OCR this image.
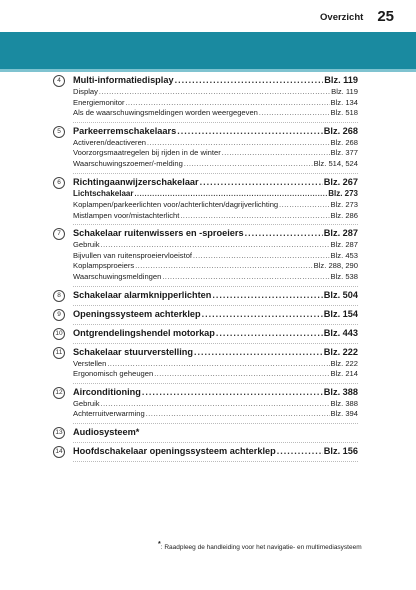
Overzicht 25
4	Multi-informatiedisplay .....	Blz. 119
Display .....	Blz. 119
Energiemonitor .....	Blz. 134
Als de waarschuwingsmeldingen worden weergegeven .....	Blz. 518
5	Parkeerremschakelaars .....	Blz. 268
Activeren/deactiveren .....	Blz. 268
Voorzorgsmaatregelen bij rijden in de winter .....	Blz. 377
Waarschuwingszoemer/-melding .....	Blz. 514, 524
6	Richtingaanwijzerschakelaar .....	Blz. 267
Lichtschakelaar .....	Blz. 273
Koplampen/parkeerlichten voor/achterlichten/dagrijverlichting .....	Blz. 273
Mistlampen voor/mistachterlicht .....	Blz. 286
7	Schakelaar ruitenwissers en -sproeiers .....	Blz. 287
Gebruik .....	Blz. 287
Bijvullen van ruitensproeiervloeistof .....	Blz. 453
Koplampsproeiers .....	Blz. 288, 290
Waarschuwingsmeldingen .....	Blz. 538
8	Schakelaar alarmknipperlichten .....	Blz. 504
9	Openingssysteem achterklep .....	Blz. 154
10 Ontgrendelingshendel motorkap .....	Blz. 443
11 Schakelaar stuurverstelling .....	Blz. 222
Verstellen .....	Blz. 222
Ergonomisch geheugen .....	Blz. 214
12 Airconditioning .....	Blz. 388
Gebruik .....	Blz. 388
Achterruitverwarming .....	Blz. 394
13 Audiosysteem*
14 Hoofdschakelaar openingssysteem achterklep .....	Blz. 156
*: Raadpleeg de handleiding voor het navigatie- en multimediasysteem
